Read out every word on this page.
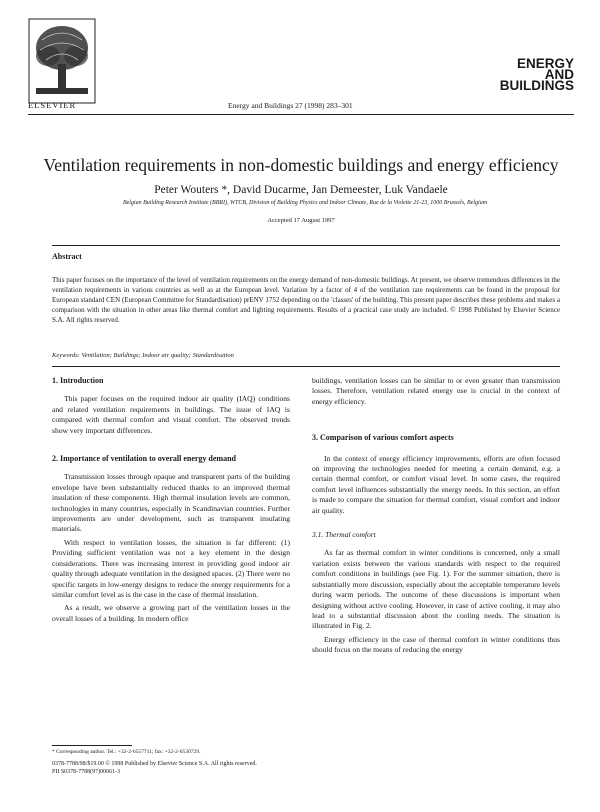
ELSEVIER	Energy and Buildings 27 (1998) 283–301
ENERGY
AND
BUILDINGS
Ventilation requirements in non-domestic buildings and energy efficiency
Peter Wouters *, David Ducarme, Jan Demeester, Luk Vandaele
Belgian Building Research Institute (BBRI), WTCB, Division of Building Physics and Indoor Climate, Rue de la Violette 21-23, 1000 Brussels, Belgium
Accepted 17 August 1997
Abstract
This paper focuses on the importance of the level of ventilation requirements on the energy demand of non-domestic buildings. At present, we observe tremendous differences in the ventilation requirements in various countries as well as at the European level. Variation by a factor of 4 of the ventilation rate requirements can be found in the proposal for European standard CEN (European Committee for Standardisation) prENV 1752 depending on the 'classes' of the building. This present paper describes these problems and makes a comparison with the situation in other areas like thermal comfort and lighting requirements. Results of a practical case study are included. © 1998 Published by Elsevier Science S.A. All rights reserved.
Keywords: Ventilation; Buildings; Indoor air quality; Standardisation

1. Introduction

This paper focuses on the required indoor air quality (IAQ) conditions and related ventilation requirements in buildings. The issue of IAQ is compared with thermal comfort and visual comfort. The observed trends show very important differences.

2. Importance of ventilation to overall energy demand

Transmission losses through opaque and transparent parts of the building envelope have been substantially reduced thanks to an improved thermal insulation of these components. High thermal insulation levels are common, technologies in many countries, especially in Scandinavian countries. Further improvements are under development, such as transparent insulating materials.

With respect to ventilation losses, the situation is far different: (1) Providing sufficient ventilation was not a key element in the design considerations. There was increasing interest in providing good indoor air quality through adequate ventilation in the designed spaces. (2) There were no specific targets in low-energy designs to reduce the energy requirements for a similar comfort level as is the case in the case of thermal insulation.

As a result, we observe a growing part of the ventilation losses in the overall losses of a building. In modern office

buildings, ventilation losses can be similar to or even greater than transmission losses. Therefore, ventilation related energy use is crucial in the context of energy efficiency.

3. Comparison of various comfort aspects

In the context of energy efficiency improvements, efforts are often focused on improving the technologies needed for meeting a certain demand, e.g. a certain thermal comfort, or comfort visual level. In some cases, the required comfort level influences substantially the energy needs. In this section, an effort is made to compare the situation for thermal comfort, visual comfort and indoor air quality.

3.1. Thermal comfort

As far as thermal comfort in winter conditions is concerned, only a small variation exists between the various standards with respect to the required comfort conditions in buildings (see Fig. 1). For the summer situation, there is substantially more discussion, especially about the acceptable temperature levels during warm periods. The outcome of these discussions is important when designing without active cooling. However, in case of active cooling, it may also lead to a substantial discussion about the cooling needs. The situation is illustrated in Fig. 2.

Energy efficiency in the case of thermal comfort in winter conditions thus should focus on the means of reducing the energy

* Corresponding author. Tel.: +32-2-6557711; fax: +32-2-6530729.
0378-7788/98/$19.00 © 1998 Published by Elsevier Science S.A. All rights reserved.
PII S0378-7788(97)00061-3
